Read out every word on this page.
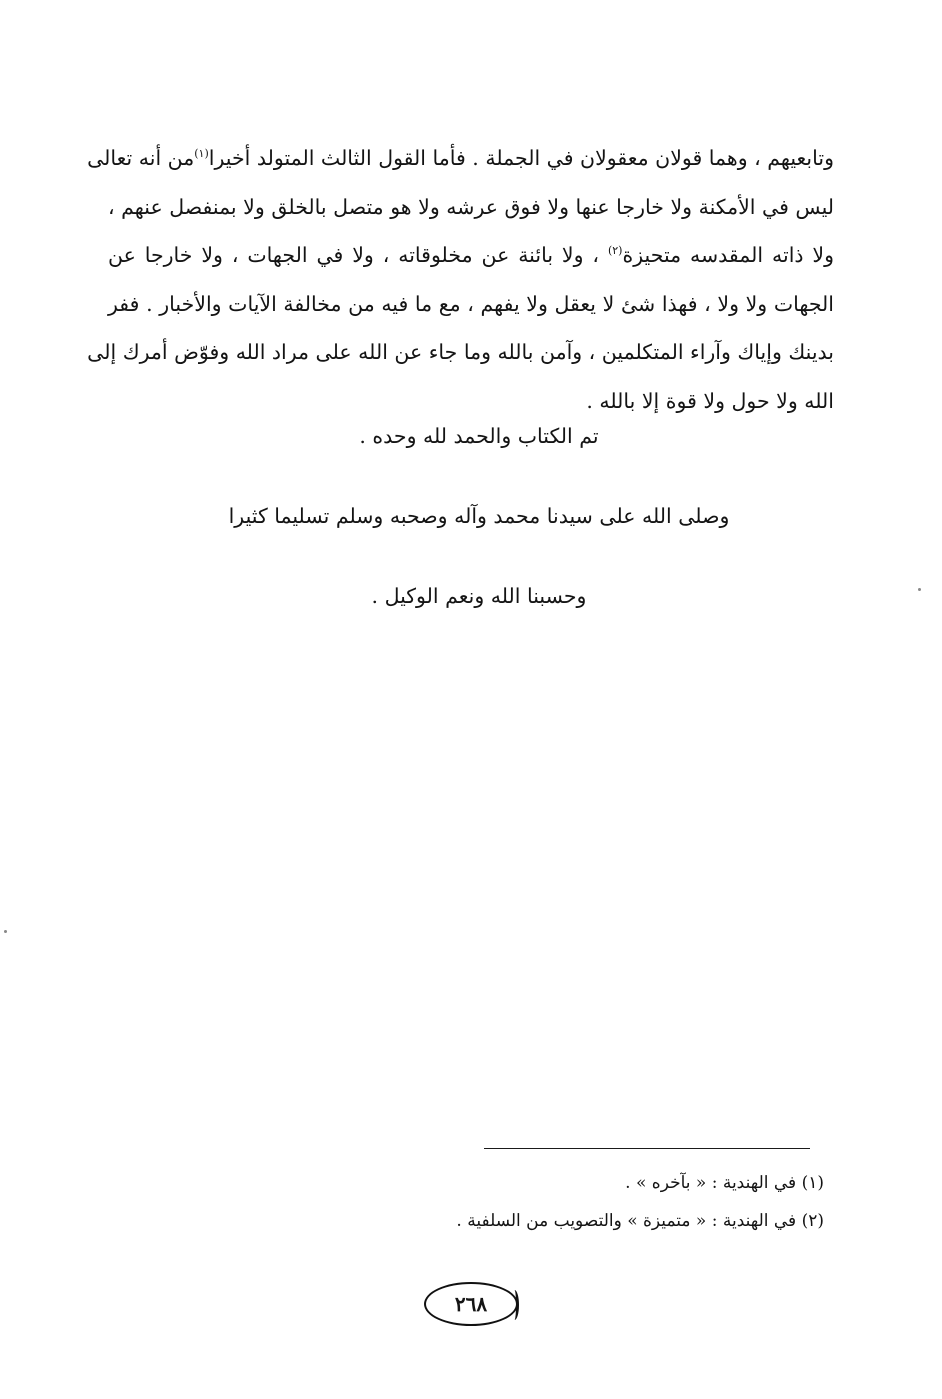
وتابعيهم ، وهما قولان معقولان في الجملة . فأما القول الثالث المتولد أخيرا$^{(١)}$من أنه تعالى
ليس في الأمكنة ولا خارجا عنها ولا فوق عرشه ولا هو متصل بالخلق ولا بمنفصل عنهم ،
ولا ذاته المقدسه متحيزة$^{(٢)}$ ، ولا بائنة عن مخلوقاته ، ولا في الجهات ، ولا خارجا عن
الجهات ولا ولا ، فهذا شئ لا يعقل ولا يفهم ، مع ما فيه من مخالفة الآيات والأخبار . ففر
بدينك وإياك وآراء المتكلمين ، وآمن بالله وما جاء عن الله على مراد الله وفوّض أمرك إلى
الله ولا حول ولا قوة إلا بالله .

تم الكتاب والحمد لله وحده .

وصلى الله على سيدنا محمد وآله وصحبه وسلم تسليما كثيرا

وحسبنا الله ونعم الوكيل .

(١) في الهندية : « بآخره » .
(٢) في الهندية : « متميزة » والتصويب من السلفية .
٢٦٨
